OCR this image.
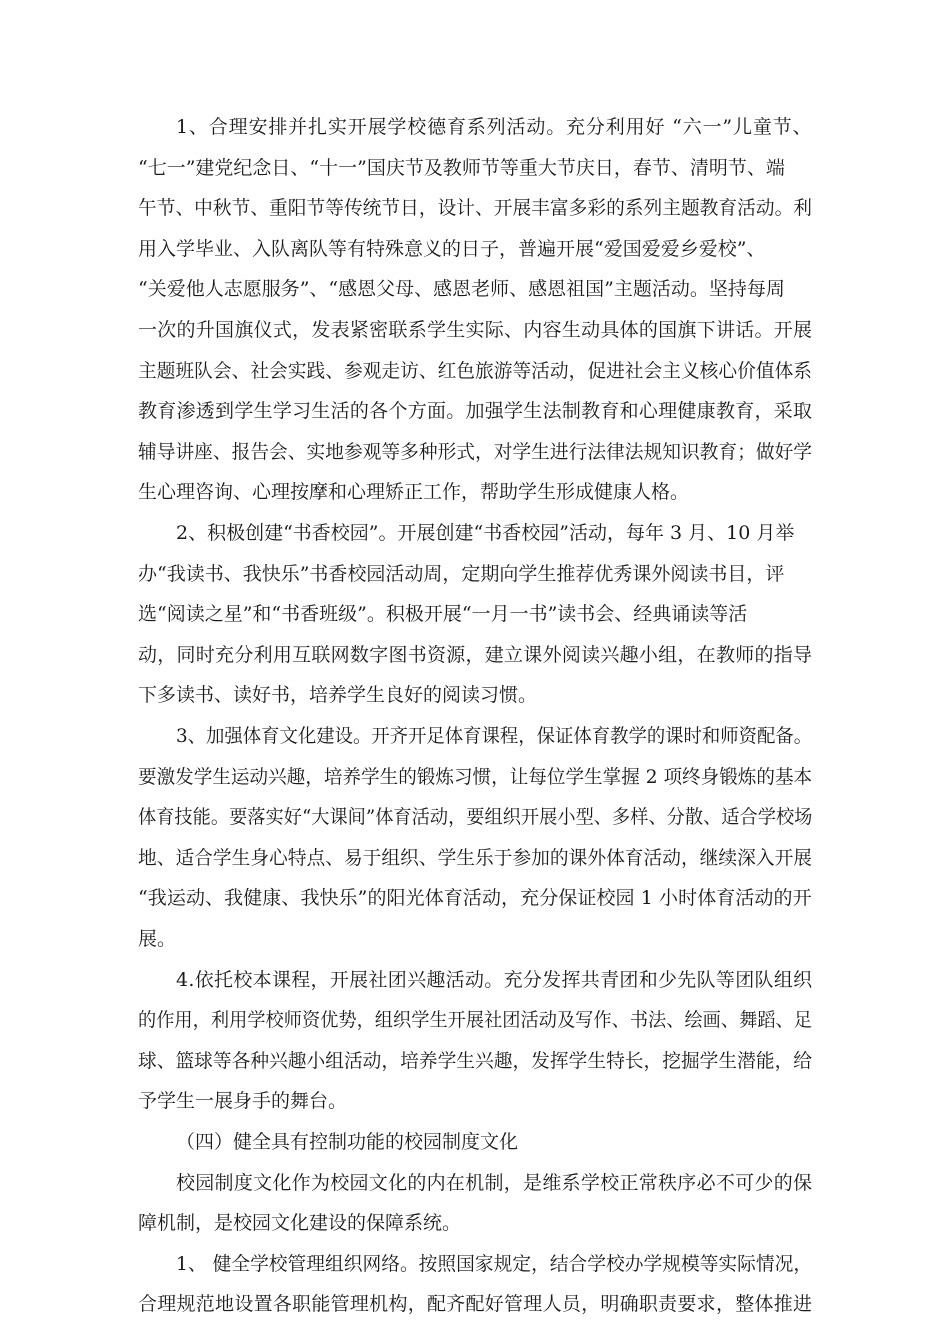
1、合理安排并扎实开展学校德育系列活动。充分利用好 “六一”儿童节、
“七一”建党纪念日、“十一”国庆节及教师节等重大节庆日，春节、清明节、端
午节、中秋节、重阳节等传统节日，设计、开展丰富多彩的系列主题教育活动。利
用入学毕业、入队离队等有特殊意义的日子，普遍开展“爱国爱爱乡爱校”、
“关爱他人志愿服务”、“感恩父母、感恩老师、感恩祖国”主题活动。坚持每周
一次的升国旗仪式，发表紧密联系学生实际、内容生动具体的国旗下讲话。开展
主题班队会、社会实践、参观走访、红色旅游等活动，促进社会主义核心价值体系
教育渗透到学生学习生活的各个方面。加强学生法制教育和心理健康教育，采取
辅导讲座、报告会、实地参观等多种形式，对学生进行法律法规知识教育；做好学
生心理咨询、心理按摩和心理矫正工作，帮助学生形成健康人格。
2、积极创建“书香校园”。开展创建“书香校园”活动，每年 3 月、10 月举
办“我读书、我快乐”书香校园活动周，定期向学生推荐优秀课外阅读书目，评
选“阅读之星”和“书香班级”。积极开展“一月一书”读书会、经典诵读等活
动，同时充分利用互联网数字图书资源，建立课外阅读兴趣小组，在教师的指导
下多读书、读好书，培养学生良好的阅读习惯。
3、加强体育文化建设。开齐开足体育课程，保证体育教学的课时和师资配备。
要激发学生运动兴趣，培养学生的锻炼习惯，让每位学生掌握 2 项终身锻炼的基本
体育技能。要落实好“大课间”体育活动，要组织开展小型、多样、分散、适合学校场
地、适合学生身心特点、易于组织、学生乐于参加的课外体育活动，继续深入开展
“我运动、我健康、我快乐”的阳光体育活动，充分保证校园 1 小时体育活动的开
展。
4.依托校本课程，开展社团兴趣活动。充分发挥共青团和少先队等团队组织
的作用，利用学校师资优势，组织学生开展社团活动及写作、书法、绘画、舞蹈、足
球、篮球等各种兴趣小组活动，培养学生兴趣，发挥学生特长，挖掘学生潜能，给
予学生一展身手的舞台。
（四）健全具有控制功能的校园制度文化
校园制度文化作为校园文化的内在机制，是维系学校正常秩序必不可少的保
障机制，是校园文化建设的保障系统。
1、 健全学校管理组织网络。按照国家规定，结合学校办学规模等实际情况，
合理规范地设置各职能管理机构，配齐配好管理人员，明确职责要求，整体推进
